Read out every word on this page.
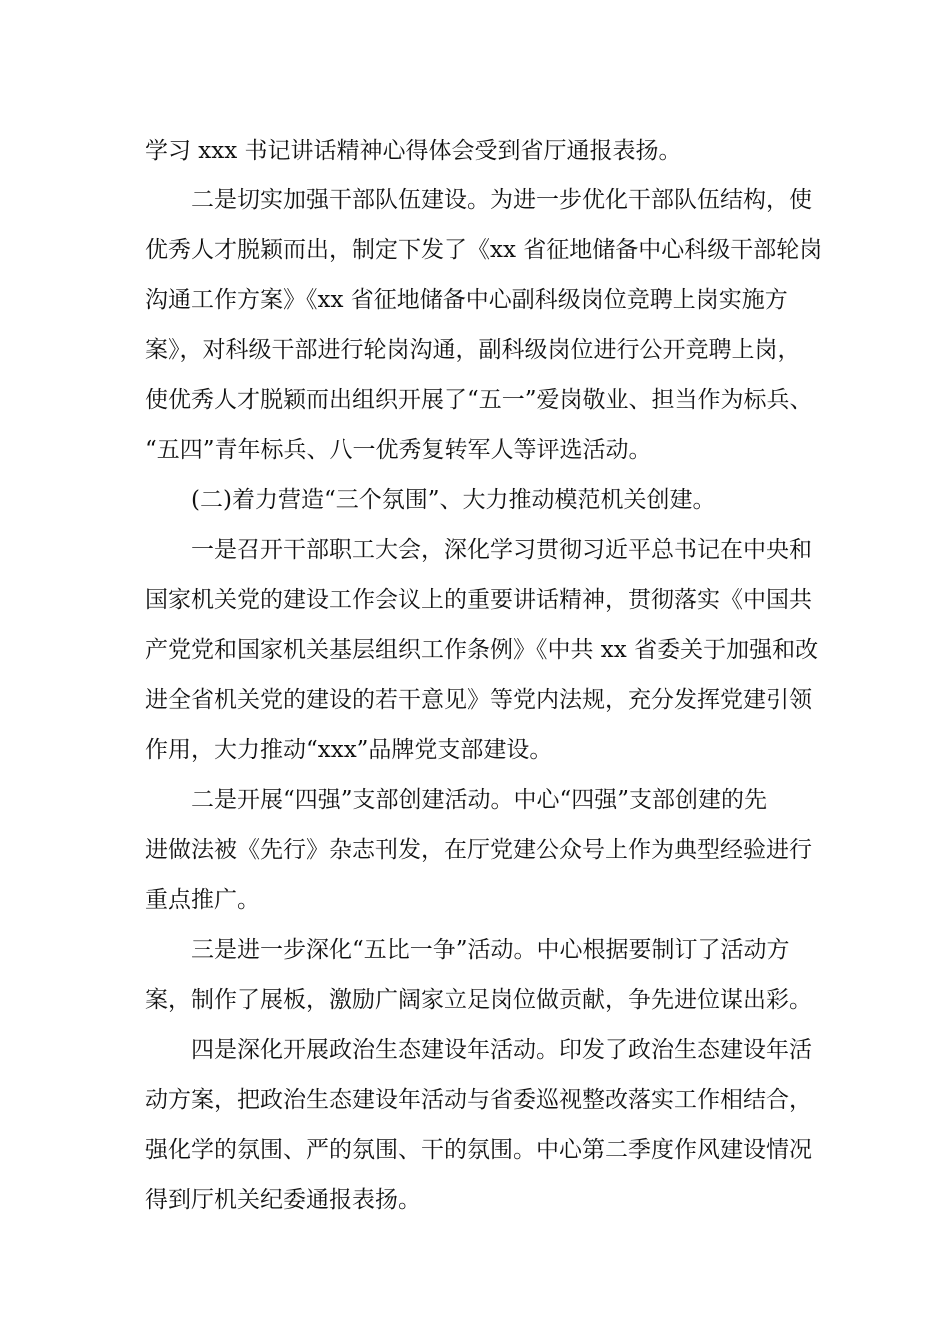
学习 xxx 书记讲话精神心得体会受到省厅通报表扬。
二是切实加强干部队伍建设。为进一步优化干部队伍结构，使
优秀人才脱颖而出，制定下发了《xx 省征地储备中心科级干部轮岗
沟通工作方案》《xx 省征地储备中心副科级岗位竞聘上岗实施方
案》，对科级干部进行轮岗沟通，副科级岗位进行公开竞聘上岗，
使优秀人才脱颖而出组织开展了“五一”爱岗敬业、担当作为标兵、
“五四”青年标兵、八一优秀复转军人等评选活动。
(二)着力营造“三个氛围”、大力推动模范机关创建。
一是召开干部职工大会，深化学习贯彻习近平总书记在中央和
国家机关党的建设工作会议上的重要讲话精神，贯彻落实《中国共
产党党和国家机关基层组织工作条例》《中共 xx 省委关于加强和改
进全省机关党的建设的若干意见》等党内法规，充分发挥党建引领
作用，大力推动“xxx”品牌党支部建设。
二是开展“四强”支部创建活动。中心“四强”支部创建的先
进做法被《先行》杂志刊发，在厅党建公众号上作为典型经验进行
重点推广。
三是进一步深化“五比一争”活动。中心根据要制订了活动方
案，制作了展板，激励广阔家立足岗位做贡献，争先进位谋出彩。
四是深化开展政治生态建设年活动。印发了政治生态建设年活
动方案，把政治生态建设年活动与省委巡视整改落实工作相结合，
强化学的氛围、严的氛围、干的氛围。中心第二季度作风建设情况
得到厅机关纪委通报表扬。
